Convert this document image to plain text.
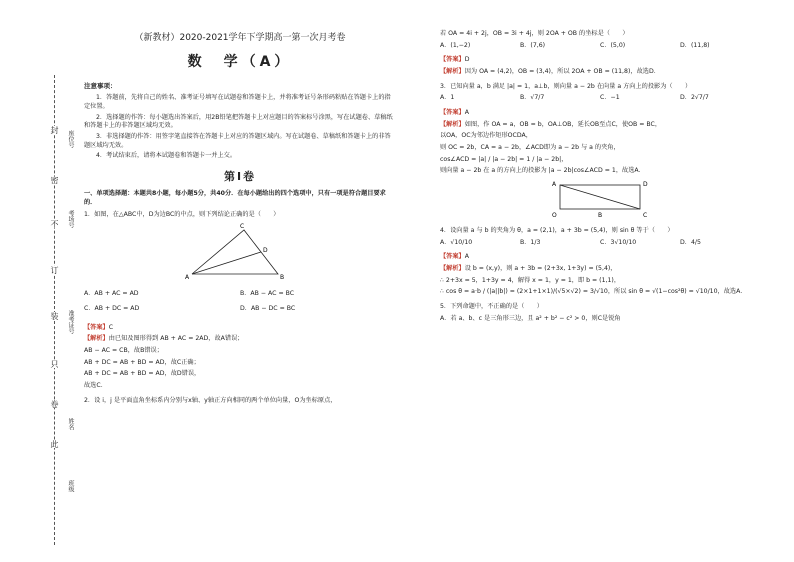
封
密
不
订
装
只
卷
此
座位号
考场号
准考证号
姓名
班级
（新教材）2020-2021学年下学期高一第一次月考卷
数　学（A）
注意事项：

1．答题前，先将自己的姓名、准考证号填写在试题卷和答题卡上，并将准考证号条形码粘贴在答题卡上的指定位置。

2．选择题的作答：每小题选出答案后，用2B铅笔把答题卡上对应题目的答案标号涂黑，写在试题卷、草稿纸和答题卡上的非答题区域均无效。

3．非选择题的作答：用签字笔直接答在答题卡上对应的答题区域内。写在试题卷、草稿纸和答题卡上的非答题区域均无效。

4．考试结束后，请将本试题卷和答题卡一并上交。

第Ⅰ卷

一、单项选择题：本题共8小题，每小题5分，共40分．在每小题给出的四个选项中，只有一项是符合题目要求的．

1．如图，在△ABC中，D为边BC的中点，则下列结论正确的是（　　）

C
D
A	B
A．AB + AC = AD	B．AB − AC = BC
C．AB + DC = AD	D．AB − DC = BC

【答案】C

【解析】由已知及图形得到 AB + AC = 2AD，故A错误；

AB − AC = CB，故B错误；

AB + DC = AB + BD = AD，故C正确；

AB + DC = AB + BD = AD，故D错误，

故选C．

2．设 i，j 是平面直角坐标系内分别与x轴、y轴正方向相同的两个单位向量，O为坐标原点，

若 OA = 4i + 2j，OB = 3i + 4j，则 2OA + OB 的坐标是（　　）

A．(1,−2)	B．(7,6)	C．(5,0)	D．(11,8)

【答案】D

【解析】因为 OA = (4,2)，OB = (3,4)，所以 2OA + OB = (11,8)，故选D．

3．已知向量 a，b 满足 |a| = 1，a⊥b，则向量 a − 2b 在向量 a 方向上的投影为（　　）

A．1	B．√7/7	C．−1	D．2√7/7

【答案】A

【解析】如图，作 OA = a，OB = b，OA⊥OB，延长OB至点C，使OB = BC，

以OA，OC为邻边作矩形OCDA，

则 OC = 2b，CA = a − 2b，∠ACD即为 a − 2b 与 a 的夹角，

cos∠ACD = |a| / |a − 2b| = 1 / |a − 2b|，

则向量 a − 2b 在 a 的方向上的投影为 |a − 2b|cos∠ACD = 1，故选A．

A	D
O	B	C

4．设向量 a 与 b 的夹角为 θ，a = (2,1)，a + 3b = (5,4)，则 sin θ 等于（　　）

A．√10/10	B．1/3	C．3√10/10	D．4/5

【答案】A

【解析】设 b = (x,y)，则 a + 3b = (2+3x, 1+3y) = (5,4)，

∴ 2+3x = 5，1+3y = 4，解得 x = 1，y = 1，即 b = (1,1)，

∴ cos θ = a·b / (|a||b|) = (2×1+1×1)/(√5×√2) = 3/√10，所以 sin θ = √(1−cos²θ) = √10/10，故选A．

5．下列命题中，不正确的是（　　）

A．若 a、b、c 是三角形三边，且 a² + b² − c² > 0，则C是锐角
